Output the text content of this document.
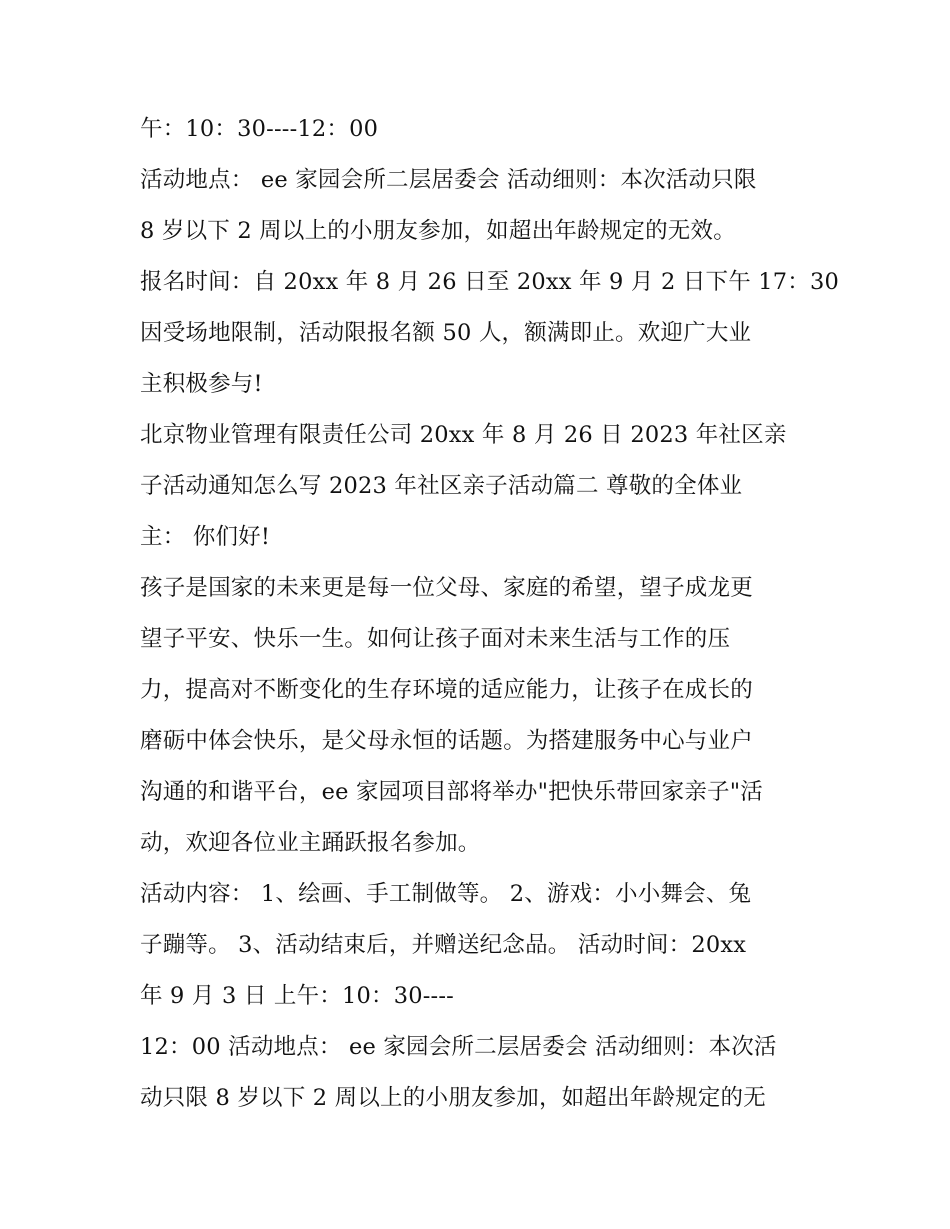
午：10：30----12：00
活动地点： ee 家园会所二层居委会 活动细则：本次活动只限
8 岁以下 2 周以上的小朋友参加，如超出年龄规定的无效。
报名时间：自 20xx 年 8 月 26 日至 20xx 年 9 月 2 日下午 17：30
因受场地限制，活动限报名额 50 人，额满即止。欢迎广大业
主积极参与!
北京物业管理有限责任公司 20xx 年 8 月 26 日 2023 年社区亲
子活动通知怎么写 2023 年社区亲子活动篇二 尊敬的全体业
主： 你们好!
孩子是国家的未来更是每一位父母、家庭的希望，望子成龙更
望子平安、快乐一生。如何让孩子面对未来生活与工作的压
力，提高对不断变化的生存环境的适应能力，让孩子在成长的
磨砺中体会快乐，是父母永恒的话题。为搭建服务中心与业户
沟通的和谐平台，ee 家园项目部将举办"把快乐带回家亲子"活
动，欢迎各位业主踊跃报名参加。
活动内容： 1、绘画、手工制做等。 2、游戏：小小舞会、兔
子蹦等。 3、活动结束后，并赠送纪念品。 活动时间：20xx
年 9 月 3 日 上午：10：30----
12：00 活动地点： ee 家园会所二层居委会 活动细则：本次活
动只限 8 岁以下 2 周以上的小朋友参加，如超出年龄规定的无
